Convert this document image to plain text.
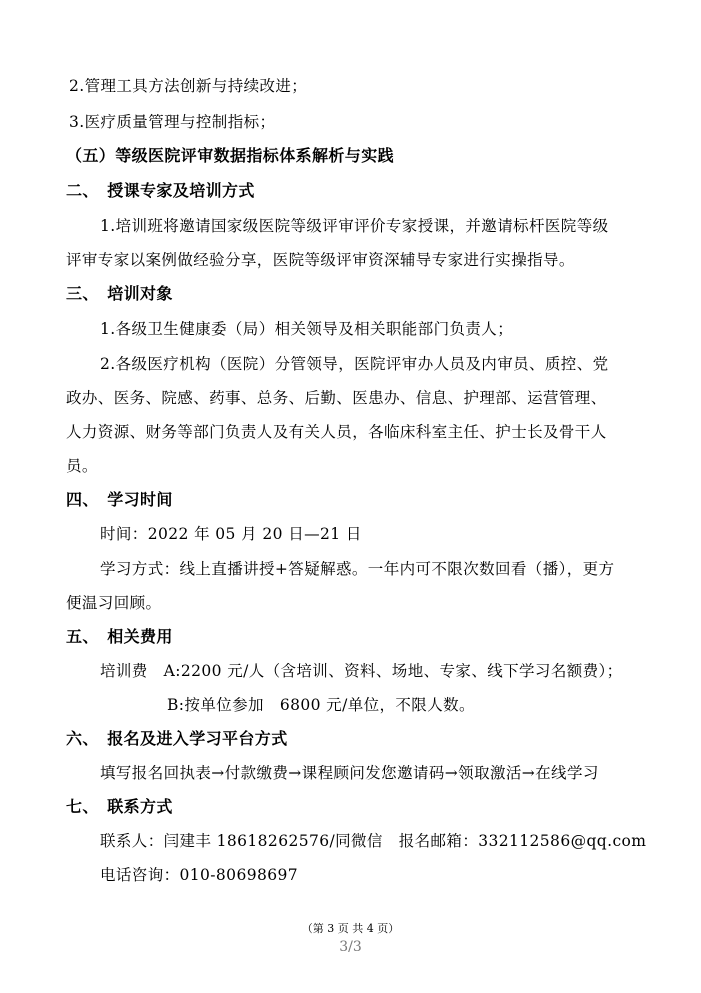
2.管理工具方法创新与持续改进；
3.医疗质量管理与控制指标；
（五）等级医院评审数据指标体系解析与实践
二、　授课专家及培训方式
1.培训班将邀请国家级医院等级评审评价专家授课，并邀请标杆医院等级
评审专家以案例做经验分享，医院等级评审资深辅导专家进行实操指导。
三、　培训对象
1.各级卫生健康委（局）相关领导及相关职能部门负责人；
2.各级医疗机构（医院）分管领导，医院评审办人员及内审员、质控、党
政办、医务、院感、药事、总务、后勤、医患办、信息、护理部、运营管理、
人力资源、财务等部门负责人及有关人员，各临床科室主任、护士长及骨干人
员。
四、　学习时间
时间：2022 年 05 月 20 日—21 日
学习方式：线上直播讲授+答疑解惑。一年内可不限次数回看（播），更方
便温习回顾。
五、　相关费用
培训费　A:2200 元/人（含培训、资料、场地、专家、线下学习名额费）；
B:按单位参加　6800 元/单位，不限人数。
六、　报名及进入学习平台方式
填写报名回执表→付款缴费→课程顾问发您邀请码→领取激活→在线学习
七、　联系方式
联系人：闫建丰 18618262576/同微信　报名邮箱：332112586@qq.com
电话咨询：010-80698697
（第 3 页 共 4 页）
3/3
